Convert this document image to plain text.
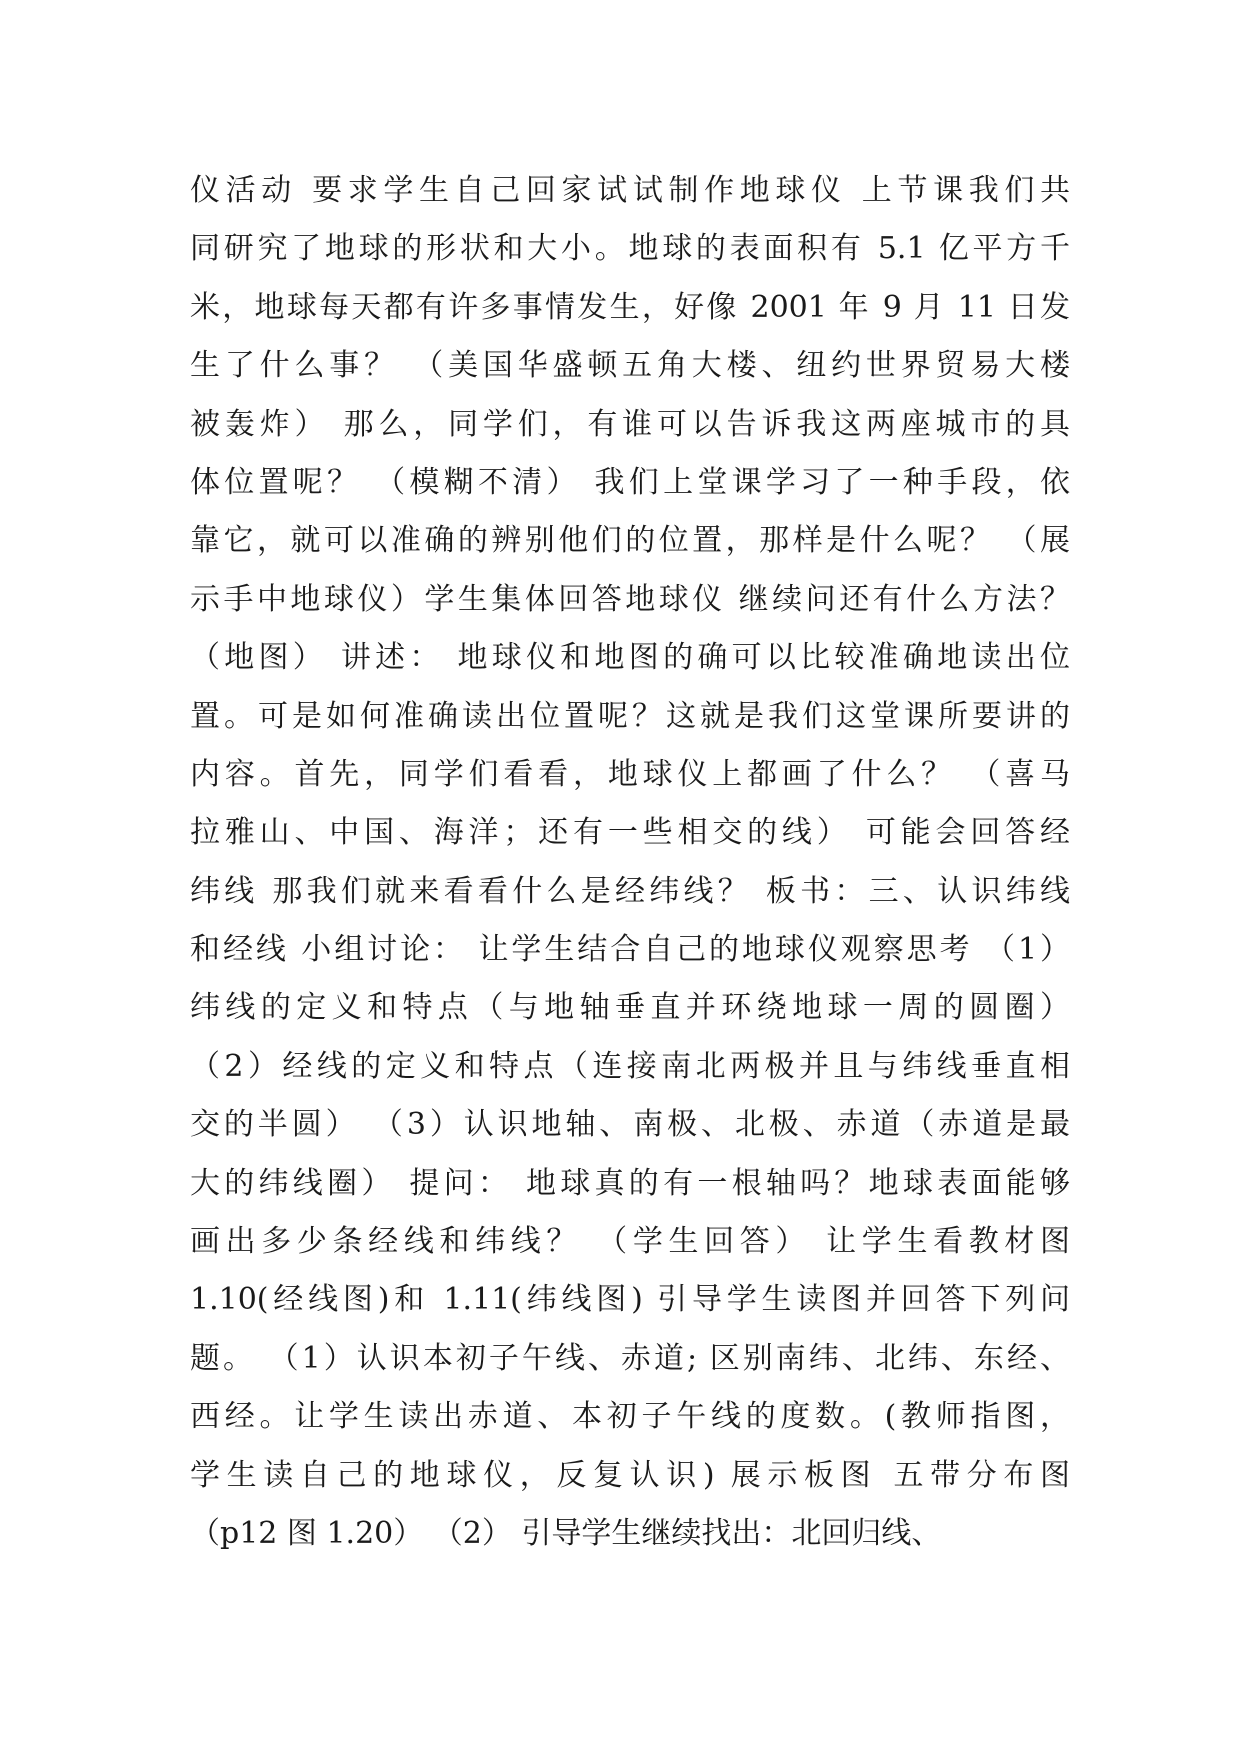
仪活动 要求学生自己回家试试制作地球仪 上节课我们共
同研究了地球的形状和大小。地球的表面积有 5.1 亿平方千
米，地球每天都有许多事情发生，好像 2001 年 9 月 11 日发
生了什么事？ （美国华盛顿五角大楼、纽约世界贸易大楼
被轰炸） 那么，同学们，有谁可以告诉我这两座城市的具
体位置呢？ （模糊不清） 我们上堂课学习了一种手段，依
靠它，就可以准确的辨别他们的位置，那样是什么呢？ （展
示手中地球仪）学生集体回答地球仪 继续问还有什么方法？
（地图） 讲述： 地球仪和地图的确可以比较准确地读出位
置。可是如何准确读出位置呢？这就是我们这堂课所要讲的
内容。首先，同学们看看，地球仪上都画了什么？ （喜马
拉雅山、中国、海洋；还有一些相交的线） 可能会回答经
纬线 那我们就来看看什么是经纬线？ 板书：三、认识纬线
和经线 小组讨论： 让学生结合自己的地球仪观察思考 （1）
纬线的定义和特点（与地轴垂直并环绕地球一周的圆圈）
（2）经线的定义和特点（连接南北两极并且与纬线垂直相
交的半圆） （3）认识地轴、南极、北极、赤道（赤道是最
大的纬线圈） 提问： 地球真的有一根轴吗？地球表面能够
画出多少条经线和纬线？ （学生回答） 让学生看教材图
1.10(经线图)和 1.11(纬线图) 引导学生读图并回答下列问
题。 （1）认识本初子午线、赤道; 区别南纬、北纬、东经、
西经。让学生读出赤道、本初子午线的度数。(教师指图，
学生读自己的地球仪，反复认识) 展示板图 五带分布图
（p12 图 1.20） （2） 引导学生继续找出：北回归线、
